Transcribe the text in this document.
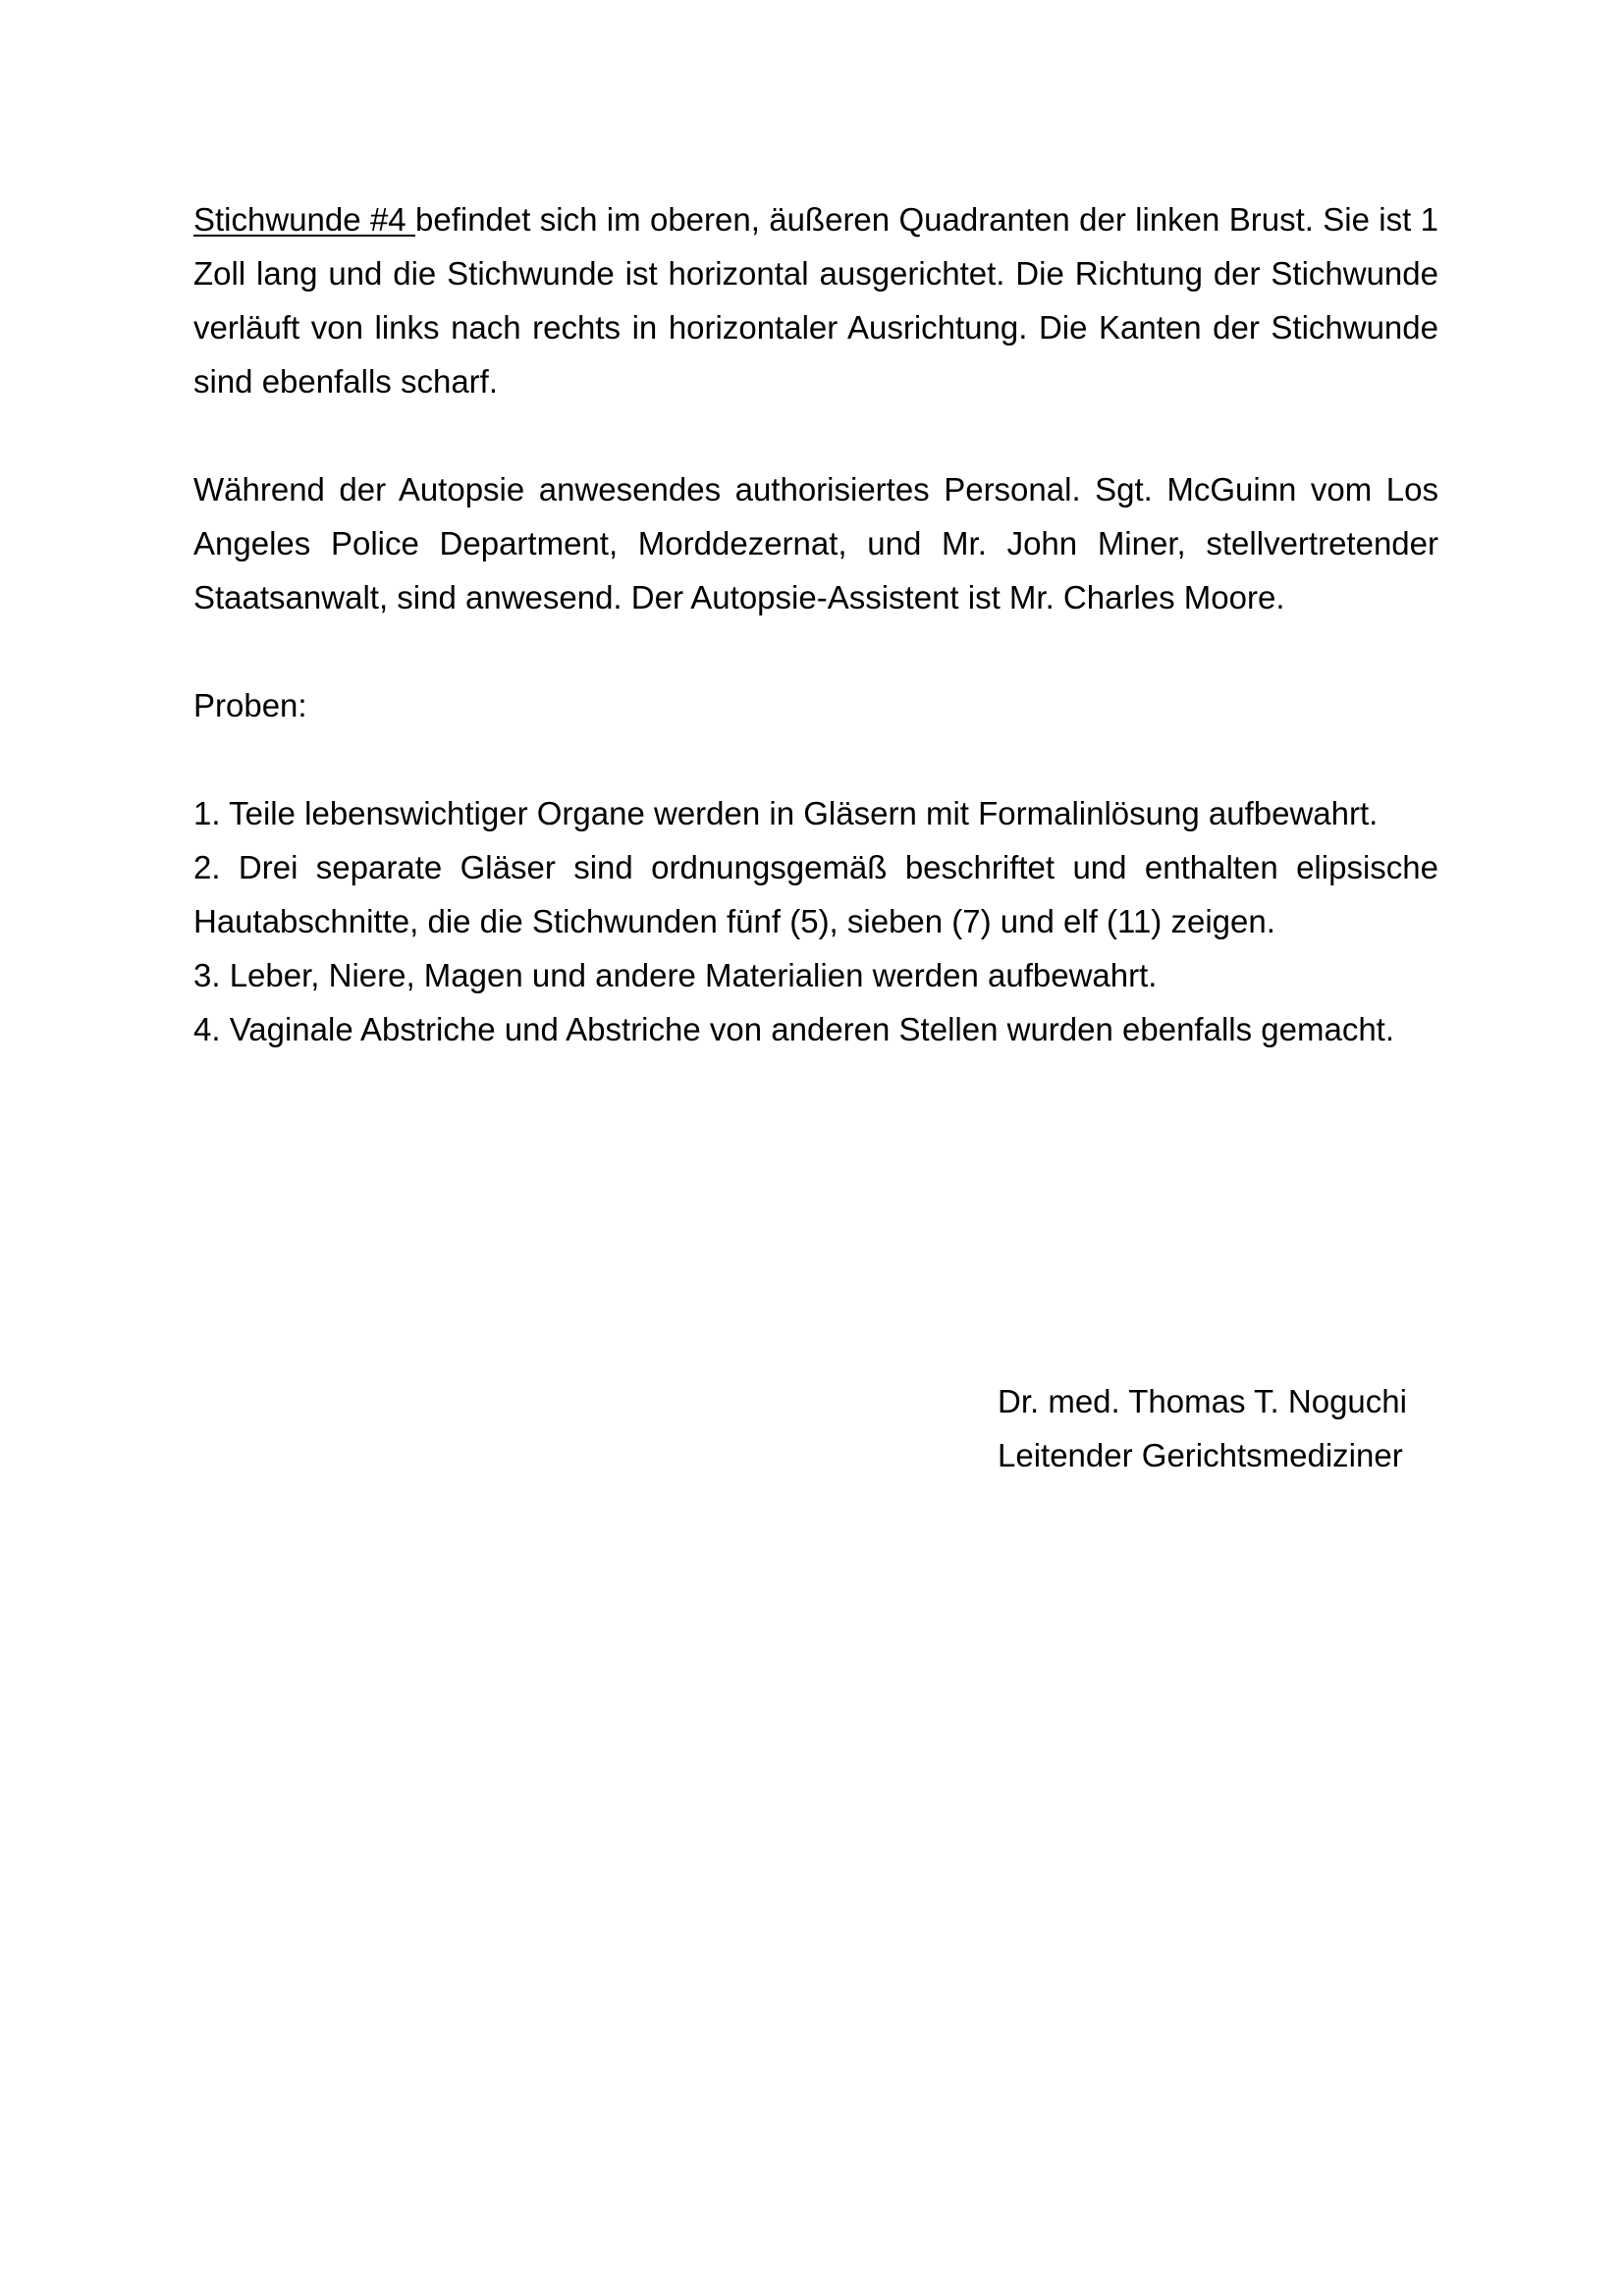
Stichwunde #4 befindet sich im oberen, äußeren Quadranten der linken Brust. Sie ist 1 Zoll lang und die Stichwunde ist horizontal ausgerichtet. Die Richtung der Stichwunde verläuft von links nach rechts in horizontaler Ausrichtung. Die Kanten der Stichwunde sind ebenfalls scharf.

Während der Autopsie anwesendes authorisiertes Personal. Sgt. McGuinn vom Los Angeles Police Department, Morddezernat, und Mr. John Miner, stellvertretender Staatsanwalt, sind anwesend. Der Autopsie-Assistent ist Mr. Charles Moore.

Proben:

1. Teile lebenswichtiger Organe werden in Gläsern mit Formalinlösung aufbewahrt.

2. Drei separate Gläser sind ordnungsgemäß beschriftet und enthalten elipsische Hautabschnitte, die die Stichwunden fünf (5), sieben (7) und elf (11) zeigen.

3. Leber, Niere, Magen und andere Materialien werden aufbewahrt.

4. Vaginale Abstriche und Abstriche von anderen Stellen wurden ebenfalls gemacht.

Dr. med. Thomas T. Noguchi

Leitender Gerichtsmediziner
